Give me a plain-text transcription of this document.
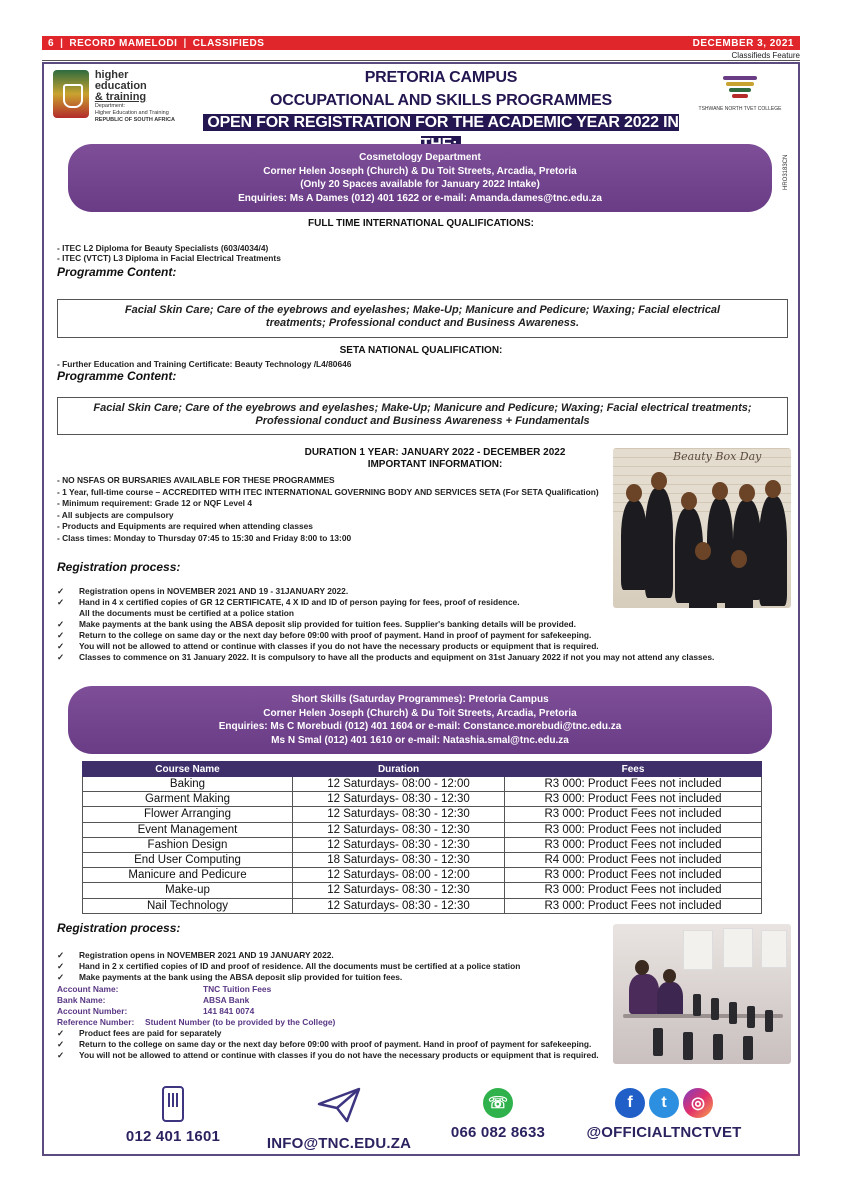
6 | RECORD MAMELODI | CLASSIFIEDS	DECEMBER 3, 2021
Classifieds Feature
higher education
& training
Department:
Higher Education and Training
REPUBLIC OF SOUTH AFRICA
PRETORIA CAMPUS
OCCUPATIONAL AND SKILLS PROGRAMMES
OPEN FOR REGISTRATION FOR THE ACADEMIC YEAR 2022 IN
TSHWANE NORTH TVET COLLEGE
HRO3183CN
Cosmetology Department
Corner Helen Joseph (Church) & Du Toit Streets, Arcadia, Pretoria
(Only 20 Spaces available for January 2022 Intake)
Enquiries: Ms A Dames (012) 401 1622 or e-mail: Amanda.dames@tnc.edu.za
FULL TIME INTERNATIONAL QUALIFICATIONS:
- ITEC L2 Diploma for Beauty Specialists (603/4034/4)
- ITEC (VTCT) L3 Diploma in Facial Electrical Treatments
Programme Content:
Facial Skin Care; Care of the eyebrows and eyelashes; Make-Up; Manicure and Pedicure; Waxing; Facial electrical
treatments; Professional conduct and Business Awareness.
SETA NATIONAL QUALIFICATION:
- Further Education and Training Certificate: Beauty Technology /L4/80646
Programme Content:
Facial Skin Care; Care of the eyebrows and eyelashes; Make-Up; Manicure and Pedicure; Waxing; Facial electrical treatments;
Professional conduct and Business Awareness + Fundamentals
DURATION 1 YEAR: JANUARY 2022 - DECEMBER 2022
IMPORTANT INFORMATION:
- NO NSFAS OR BURSARIES AVAILABLE FOR THESE PROGRAMMES
- 1 Year, full-time course – ACCREDITED WITH ITEC INTERNATIONAL GOVERNING BODY AND SERVICES SETA (For SETA Qualification)
- Minimum requirement: Grade 12 or NQF Level 4
- All subjects are compulsory
- Products and Equipments are required when attending classes
- Class times: Monday to Thursday 07:45 to 15:30 and Friday 8:00 to 13:00
Beauty Box Day
Registration process:
✓	Registration opens in NOVEMBER 2021 AND 19 - 31JANUARY 2022.
✓	Hand in 4 x certified copies of GR 12 CERTIFICATE, 4 X ID and ID of person paying for fees, proof of residence.
All the documents must be certified at a police station
✓	Make payments at the bank using the ABSA deposit slip provided for tuition fees. Supplier's banking details will be provided.
✓	Return to the college on same day or the next day before 09:00 with proof of payment. Hand in proof of payment for safekeeping.
✓	You will not be allowed to attend or continue with classes if you do not have the necessary products or equipment that is required.
✓	Classes to commence on 31 January 2022. It is compulsory to have all the products and equipment on 31st January 2022 if not you may not attend any classes.
Short Skills (Saturday Programmes): Pretoria Campus
Corner Helen Joseph (Church) & Du Toit Streets, Arcadia, Pretoria
Enquiries: Ms C Morebudi (012) 401 1604 or e-mail: Constance.morebudi@tnc.edu.za
Ms N Smal (012) 401 1610 or e-mail: Natashia.smal@tnc.edu.za
Course Name	Duration	Fees
Baking	12 Saturdays- 08:00 - 12:00	R3 000: Product Fees not included
Garment Making	12 Saturdays- 08:30 - 12:30	R3 000: Product Fees not included
Flower Arranging	12 Saturdays- 08:30 - 12:30	R3 000: Product Fees not included
Event Management	12 Saturdays- 08:30 - 12:30	R3 000: Product Fees not included
Fashion Design	12 Saturdays- 08:30 - 12:30	R3 000: Product Fees not included
End User Computing	18 Saturdays- 08:30 - 12:30	R4 000: Product Fees not included
Manicure and Pedicure	12 Saturdays- 08:00 - 12:00	R3 000: Product Fees not included
Make-up	12 Saturdays- 08:30 - 12:30	R3 000: Product Fees not included
Nail Technology	12 Saturdays- 08:30 - 12:30	R3 000: Product Fees not included
Registration process:
✓	Registration opens in NOVEMBER 2021 AND 19 JANUARY 2022.
✓	Hand in 2 x certified copies of ID and proof of residence. All the documents must be certified at a police station
✓	Make payments at the bank using the ABSA deposit slip provided for tuition fees.
Account Name:	TNC Tuition Fees
Bank Name:	ABSA Bank
Account Number:	141 841 0074
Reference Number:	Student Number (to be provided by the College)
✓	Product fees are paid for separately
✓	Return to the college on same day or the next day before 09:00 with proof of payment. Hand in proof of payment for safekeeping.
✓	You will not be allowed to attend or continue with classes if you do not have the necessary products or equipment that is required.
012 401 1601	INFO@TNC.EDU.ZA
☏
066 082 8633
f	t	◎
@OFFICIALTNCTVET
